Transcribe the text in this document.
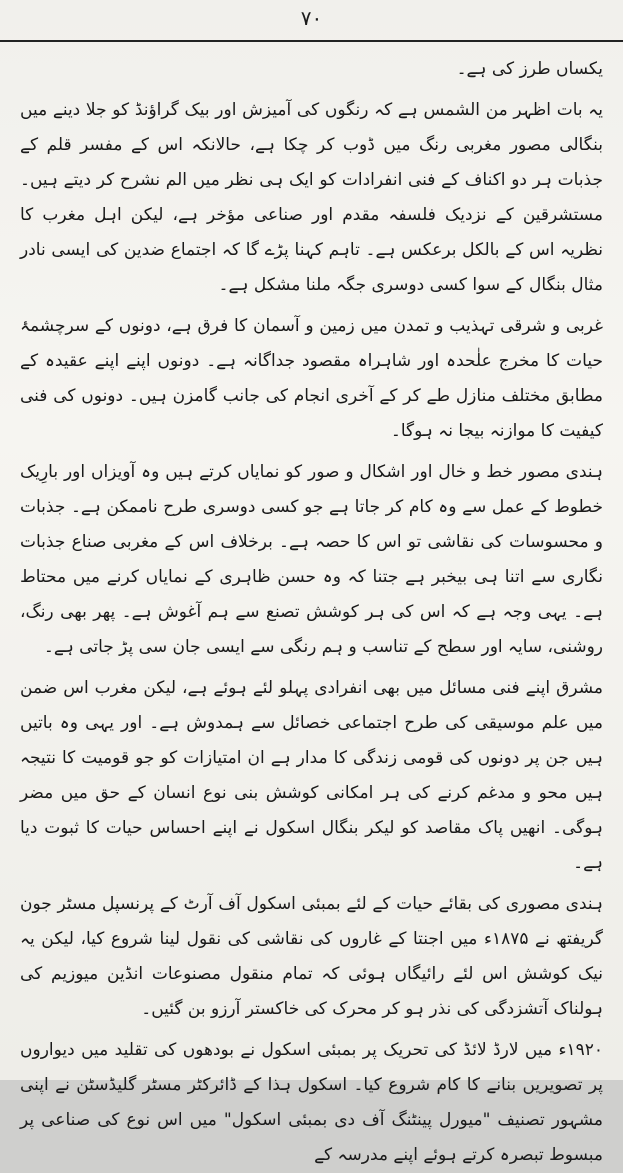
۷۰

یکساں طرز کی ہے۔

یہ بات اظہر من الشمس ہے کہ رنگوں کی آمیزش اور بیک گراؤنڈ کو جلا دینے میں بنگالی مصور مغربی رنگ میں ڈوب کر چکا ہے، حالانکہ اس کے مفسر قلم کے جذبات ہر دو اکناف کے فنی انفرادات کو ایک ہی نظر میں الم نشرح کر دیتے ہیں۔ مستشرقین کے نزدیک فلسفہ مقدم اور صناعی مؤخر ہے، لیکن اہل مغرب کا نظریہ اس کے بالکل برعکس ہے۔ تاہم کہنا پڑے گا کہ اجتماع ضدین کی ایسی نادر مثال بنگال کے سوا کسی دوسری جگہ ملنا مشکل ہے۔

غربی و شرقی تہذیب و تمدن میں زمین و آسمان کا فرق ہے، دونوں کے سرچشمۂ حیات کا مخرج علٰحدہ اور شاہراہ مقصود جداگانہ ہے۔ دونوں اپنے اپنے عقیدہ کے مطابق مختلف منازل طے کر کے آخری انجام کی جانب گامزن ہیں۔ دونوں کی فنی کیفیت کا موازنہ بیجا نہ ہوگا۔

ہندی مصور خط و خال اور اشکال و صور کو نمایاں کرتے ہیں وہ آویزاں اور بارِیک خطوط کے عمل سے وہ کام کر جاتا ہے جو کسی دوسری طرح ناممکن ہے۔ جذبات و محسوسات کی نقاشی تو اس کا حصہ ہے۔ برخلاف اس کے مغربی صناع جذبات نگاری سے اتنا ہی بیخبر ہے جتنا کہ وہ حسن ظاہری کے نمایاں کرنے میں محتاط ہے۔ یہی وجہ ہے کہ اس کی ہر کوشش تصنع سے ہم آغوش ہے۔ پھر بھی رنگ، روشنی، سایہ اور سطح کے تناسب و ہم رنگی سے ایسی جان سی پڑ جاتی ہے۔

مشرق اپنے فنی مسائل میں بھی انفرادی پہلو لئے ہوئے ہے، لیکن مغرب اس ضمن میں علم موسیقی کی طرح اجتماعی خصائل سے ہمدوش ہے۔ اور یہی وہ باتیں ہیں جن پر دونوں کی قومی زندگی کا مدار ہے ان امتیازات کو جو قومیت کا نتیجہ ہیں محو و مدغم کرنے کی ہر امکانی کوشش بنی نوع انسان کے حق میں مضر ہوگی۔ انھیں پاک مقاصد کو لیکر بنگال اسکول نے اپنے احساس حیات کا ثبوت دیا ہے۔

ہندی مصوری کی بقائے حیات کے لئے بمبئی اسکول آف آرٹ کے پرنسپل مسٹر جون گریفتھ نے ۱۸۷۵ء میں اجنتا کے غاروں کی نقاشی کی نقول لینا شروع کیا، لیکن یہ نیک کوشش اس لئے رائیگاں ہوئی کہ تمام منقول مصنوعات انڈین میوزیم کی ہولناک آتشزدگی کی نذر ہو کر محرک کی خاکستر آرزو بن گئیں۔

۱۹۲۰ء میں لارڈ لائڈ کی تحریک پر بمبئی اسکول نے بودھوں کی تقلید میں دیواروں پر تصویریں بنانے کا کام شروع کیا۔ اسکول ہذا کے ڈائرکٹر مسٹر گلیڈسٹن نے اپنی مشہور تصنیف "میورل پینٹنگ آف دی بمبئی اسکول" میں اس نوع کی صناعی پر مبسوط تبصرہ کرتے ہوئے اپنے مدرسہ کے
